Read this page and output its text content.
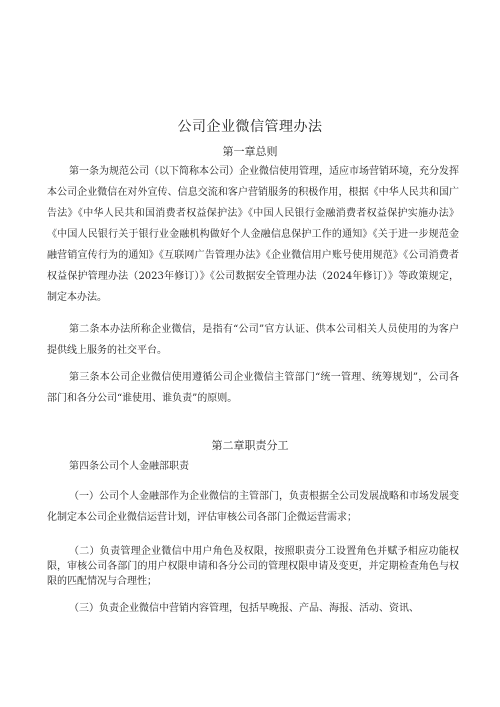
公司企业微信管理办法
第一章总则

第一条为规范公司（以下简称本公司）企业微信使用管理，适应市场营销环境，充分发挥本公司企业微信在对外宣传、信息交流和客户营销服务的积极作用，根据《中华人民共和国广告法》《中华人民共和国消费者权益保护法》《中国人民银行金融消费者权益保护实施办法》《中国人民银行关于银行业金融机构做好个人金融信息保护工作的通知》《关于进一步规范金融营销宣传行为的通知》《互联网广告管理办法》《企业微信用户账号使用规范》《公司消费者权益保护管理办法（2023年修订）》《公司数据安全管理办法（2024年修订）》等政策规定，制定本办法。

第二条本办法所称企业微信，是指有“公司”官方认证、供本公司相关人员使用的为客户提供线上服务的社交平台。

第三条本公司企业微信使用遵循公司企业微信主管部门“统一管理、统筹规划”，公司各部门和各分公司“谁使用、谁负责”的原则。

第二章职责分工

第四条公司个人金融部职责

（一）公司个人金融部作为企业微信的主管部门，负责根据全公司发展战略和市场发展变化制定本公司企业微信运营计划，评估审核公司各部门企微运营需求；

（二）负责管理企业微信中用户角色及权限，按照职责分工设置角色并赋予相应功能权限，审核公司各部门的用户权限申请和各分公司的管理权限申请及变更，并定期检查角色与权限的匹配情况与合理性；

（三）负责企业微信中营销内容管理，包括早晚报、产品、海报、活动、资讯、
